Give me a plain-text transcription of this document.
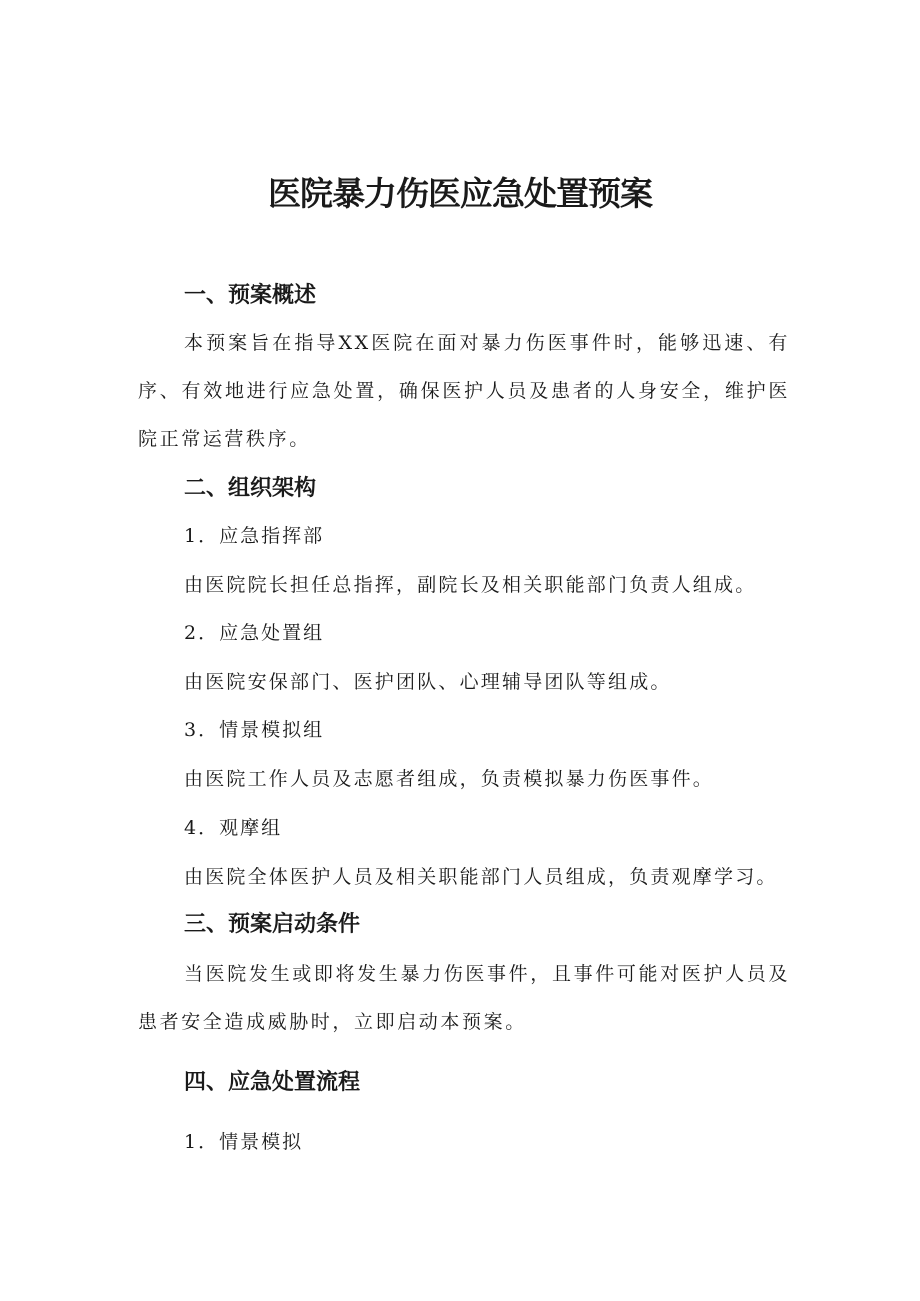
医院暴力伤医应急处置预案
一、预案概述

本预案旨在指导XX医院在面对暴力伤医事件时，能够迅速、有序、有效地进行应急处置，确保医护人员及患者的人身安全，维护医院正常运营秩序。

二、组织架构
1．应急指挥部
由医院院长担任总指挥，副院长及相关职能部门负责人组成。
2．应急处置组
由医院安保部门、医护团队、心理辅导团队等组成。
3．情景模拟组
由医院工作人员及志愿者组成，负责模拟暴力伤医事件。
4．观摩组
由医院全体医护人员及相关职能部门人员组成，负责观摩学习。
三、预案启动条件

当医院发生或即将发生暴力伤医事件，且事件可能对医护人员及患者安全造成威胁时，立即启动本预案。

四、应急处置流程
1．情景模拟
